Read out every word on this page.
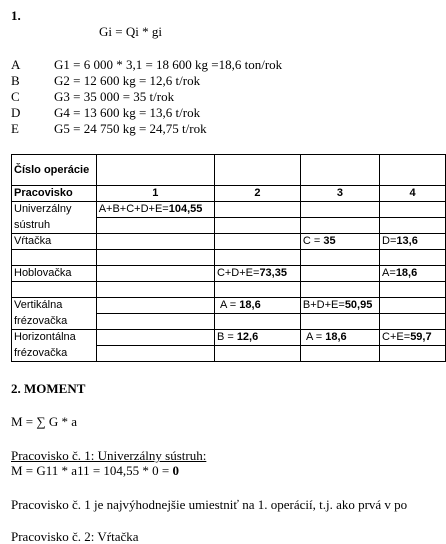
1.
Gi = Qi * gi
A	G1 = 6 000 * 3,1 = 18 600 kg =18,6 ton/rok
B	G2 = 12 600 kg = 12,6 t/rok
C	G3 = 35 000 = 35 t/rok
D	G4 = 13 600 kg = 13,6 t/rok
E	G5 = 24 750 kg = 24,75 t/rok
Číslo operácie				
Pracovisko	1	2	3	4
Univerzálny	A+B+C+D+E=104,55			
sústruh				
Vŕtačka			C = 35	D=13,6

Hoblovačka		C+D+E=73,35		A=18,6

Vertikálna		A = 18,6	B+D+E=50,95	
frézovačka				
Horizontálna		B = 12,6	A = 18,6	C+E=59,7
frézovačka				
2. MOMENT
M = ∑ G * a
Pracovisko č. 1: Univerzálny sústruh:
M = G11 * a11 = 104,55 * 0 = 0
Pracovisko č. 1 je najvýhodnejšie umiestniť na 1. operácií, t.j. ako prvá v po
Pracovisko č. 2: Vŕtačka
